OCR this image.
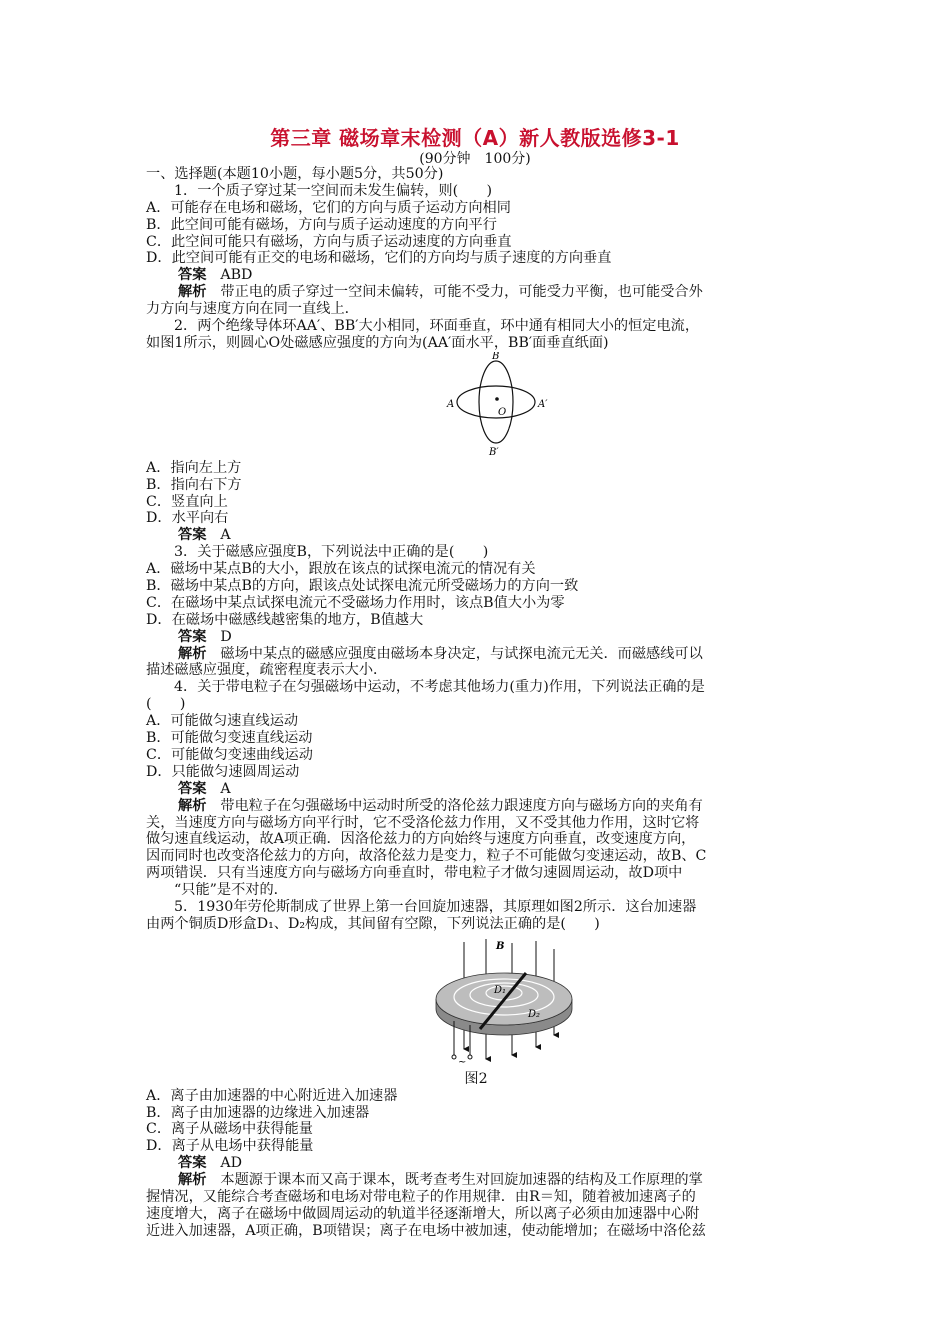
第三章 磁场章末检测（A）新人教版选修3-1
(90分钟　100分)
一、选择题(本题10小题，每小题5分，共50分)
1．一个质子穿过某一空间而未发生偏转，则(　　)
A．可能存在电场和磁场，它们的方向与质子运动方向相同
B．此空间可能有磁场，方向与质子运动速度的方向平行
C．此空间可能只有磁场，方向与质子运动速度的方向垂直
D．此空间可能有正交的电场和磁场，它们的方向均与质子速度的方向垂直
答案 ABD
解析 带正电的质子穿过一空间未偏转，可能不受力，可能受力平衡，也可能受合外
力方向与速度方向在同一直线上．
2．两个绝缘导体环AA′、BB′大小相同，环面垂直，环中通有相同大小的恒定电流，
如图1所示，则圆心O处磁感应强度的方向为(AA′面水平，BB′面垂直纸面)
B
B′
A	A′
O
A．指向左上方
B．指向右下方
C．竖直向上
D．水平向右
答案 A
3．关于磁感应强度B，下列说法中正确的是(　　)
A．磁场中某点B的大小，跟放在该点的试探电流元的情况有关
B．磁场中某点B的方向，跟该点处试探电流元所受磁场力的方向一致
C．在磁场中某点试探电流元不受磁场力作用时，该点B值大小为零
D．在磁场中磁感线越密集的地方，B值越大
答案 D
解析 磁场中某点的磁感应强度由磁场本身决定，与试探电流元无关．而磁感线可以
描述磁感应强度，疏密程度表示大小．
4．关于带电粒子在匀强磁场中运动，不考虑其他场力(重力)作用，下列说法正确的是
(　　)
A．可能做匀速直线运动
B．可能做匀变速直线运动
C．可能做匀变速曲线运动
D．只能做匀速圆周运动
答案 A
解析 带电粒子在匀强磁场中运动时所受的洛伦兹力跟速度方向与磁场方向的夹角有
关，当速度方向与磁场方向平行时，它不受洛伦兹力作用，又不受其他力作用，这时它将
做匀速直线运动，故A项正确．因洛伦兹力的方向始终与速度方向垂直，改变速度方向，
因而同时也改变洛伦兹力的方向，故洛伦兹力是变力，粒子不可能做匀变速运动，故B、C
两项错误．只有当速度方向与磁场方向垂直时，带电粒子才做匀速圆周运动，故D项中
“只能”是不对的．
5．1930年劳伦斯制成了世界上第一台回旋加速器，其原理如图2所示．这台加速器
由两个铜质D形盒D₁、D₂构成，其间留有空隙，下列说法正确的是(　　)
B
D₁
D₂
~
图2
A．离子由加速器的中心附近进入加速器
B．离子由加速器的边缘进入加速器
C．离子从磁场中获得能量
D．离子从电场中获得能量
答案 AD
解析 本题源于课本而又高于课本，既考查考生对回旋加速器的结构及工作原理的掌
握情况，又能综合考查磁场和电场对带电粒子的作用规律．由R＝知，随着被加速离子的
速度增大，离子在磁场中做圆周运动的轨道半径逐渐增大，所以离子必须由加速器中心附
近进入加速器，A项正确，B项错误；离子在电场中被加速，使动能增加；在磁场中洛伦兹
